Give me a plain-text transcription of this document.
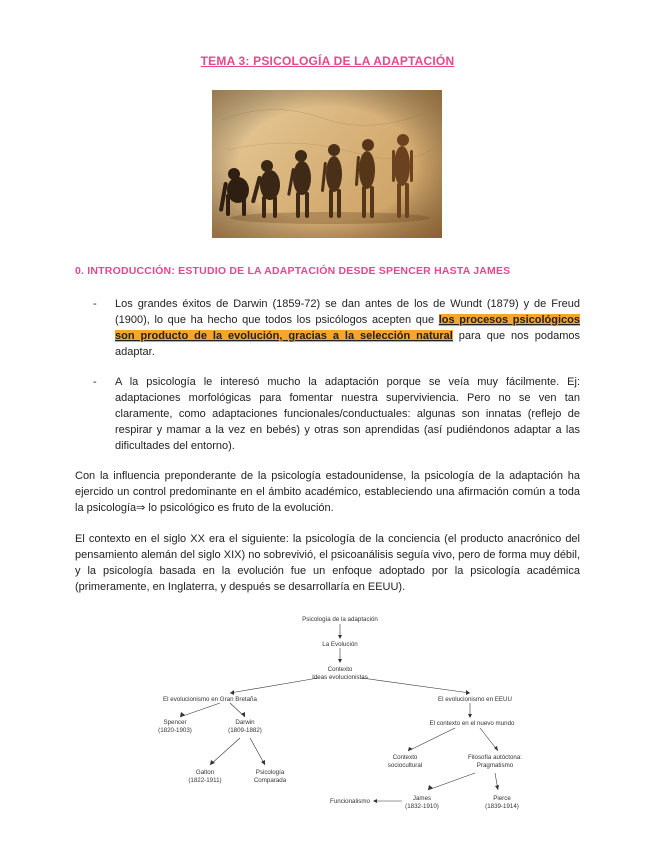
TEMA 3: PSICOLOGÍA DE LA ADAPTACIÓN
0. INTRODUCCIÓN: ESTUDIO DE LA ADAPTACIÓN DESDE SPENCER HASTA JAMES
- Los grandes éxitos de Darwin (1859-72) se dan antes de los de Wundt (1879) y de Freud (1900), lo que ha hecho que todos los psicólogos acepten que los procesos psicológicos son producto de la evolución, gracias a la selección natural para que nos podamos adaptar.
- A la psicología le interesó mucho la adaptación porque se veía muy fácilmente. Ej: adaptaciones morfológicas para fomentar nuestra superviviencia. Pero no se ven tan claramente, como adaptaciones funcionales/conductuales: algunas son innatas (reflejo de respirar y mamar a la vez en bebés) y otras son aprendidas (así pudiéndonos adaptar a las dificultades del entorno).
Con la influencia preponderante de la psicología estadounidense, la psicología de la adaptación ha ejercido un control predominante en el ámbito académico, estableciendo una afirmación común a toda la psicología⇒ lo psicológico es fruto de la evolución.
El contexto en el siglo XX era el siguiente: la psicología de la conciencia (el producto anacrónico del pensamiento alemán del siglo XIX) no sobrevivió, el psicoanálisis seguía vivo, pero de forma muy débil, y la psicología basada en la evolución fue un enfoque adoptado por la psicología académica (primeramente, en Inglaterra, y después se desarrollaría en EEUU).
Psicología de la adaptación
La Evolución
Contexto
Ideas evolucionistas
El evolucionismo en Gran Bretaña	El evolucionismo en EEUU
Spencer
(1820-1903)
Darwin
(1809-1882)
Galton
(1822-1911)
Psicología
Comparada
El contexto en el nuevo mundo
Contexto
sociocultural
Filosofía autóctona:
Pragmatismo
Funcionalismo	James
(1832-1910)
Pierce
(1839-1914)
